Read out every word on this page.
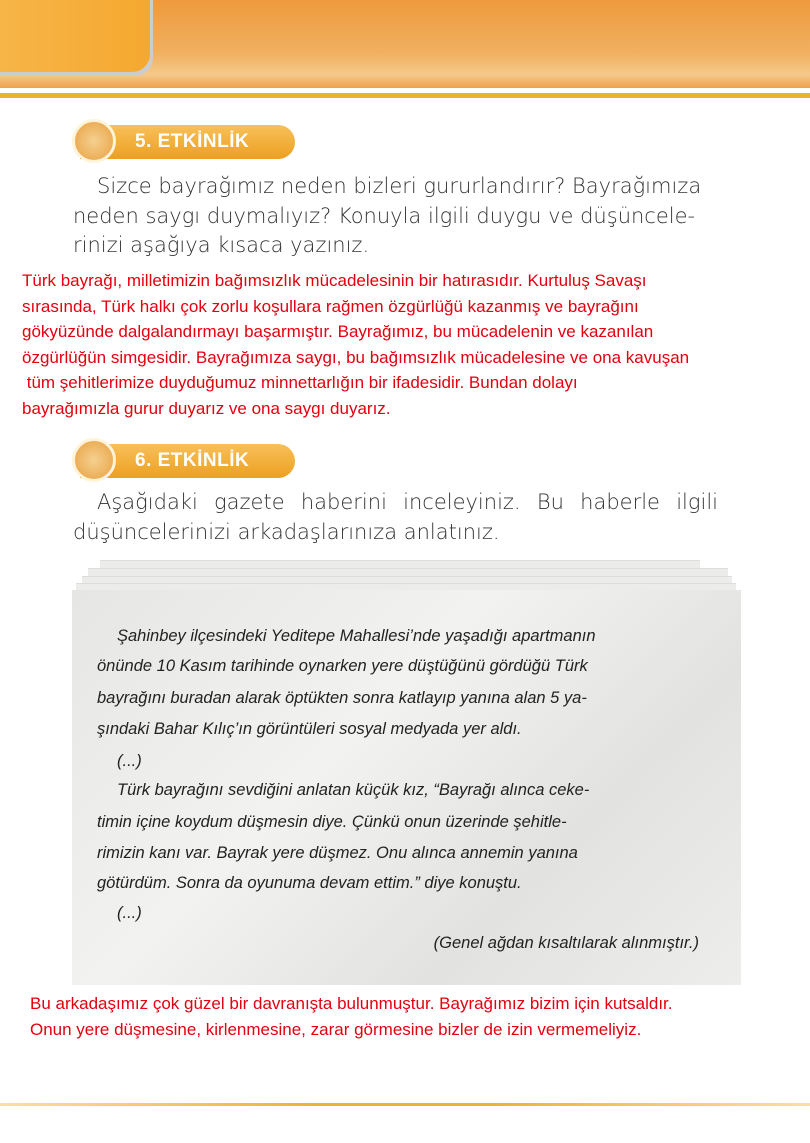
5. ETKİNLİK
Sizce bayrağımız neden bizleri gururlandırır? Bayrağımıza
neden saygı duymalıyız? Konuyla ilgili duygu ve düşüncele-
rinizi aşağıya kısaca yazınız.
Türk bayrağı, milletimizin bağımsızlık mücadelesinin bir hatırasıdır. Kurtuluş Savaşı
sırasında, Türk halkı çok zorlu koşullara rağmen özgürlüğü kazanmış ve bayrağını
gökyüzünde dalgalandırmayı başarmıştır. Bayrağımız, bu mücadelenin ve kazanılan
özgürlüğün simgesidir. Bayrağımıza saygı, bu bağımsızlık mücadelesine ve ona kavuşan
tüm şehitlerimize duyduğumuz minnettarlığın bir ifadesidir. Bundan dolayı
bayrağımızla gurur duyarız ve ona saygı duyarız.
6. ETKİNLİK
Aşağıdaki gazete haberini inceleyiniz. Bu haberle ilgili
düşüncelerinizi arkadaşlarınıza anlatınız.
Şahinbey ilçesindeki Yeditepe Mahallesi’nde yaşadığı apartmanın
önünde 10 Kasım tarihinde oynarken yere düştüğünü gördüğü Türk
bayrağını buradan alarak öptükten sonra katlayıp yanına alan 5 ya-
şındaki Bahar Kılıç’ın görüntüleri sosyal medyada yer aldı.
(...)
Türk bayrağını sevdiğini anlatan küçük kız, “Bayrağı alınca ceke-
timin içine koydum düşmesin diye. Çünkü onun üzerinde şehitle-
rimizin kanı var. Bayrak yere düşmez. Onu alınca annemin yanına
götürdüm. Sonra da oyunuma devam ettim.” diye konuştu.
(...)
(Genel ağdan kısaltılarak alınmıştır.)
Bu arkadaşımız çok güzel bir davranışta bulunmuştur. Bayrağımız bizim için kutsaldır.
Onun yere düşmesine, kirlenmesine, zarar görmesine bizler de izin vermemeliyiz.
